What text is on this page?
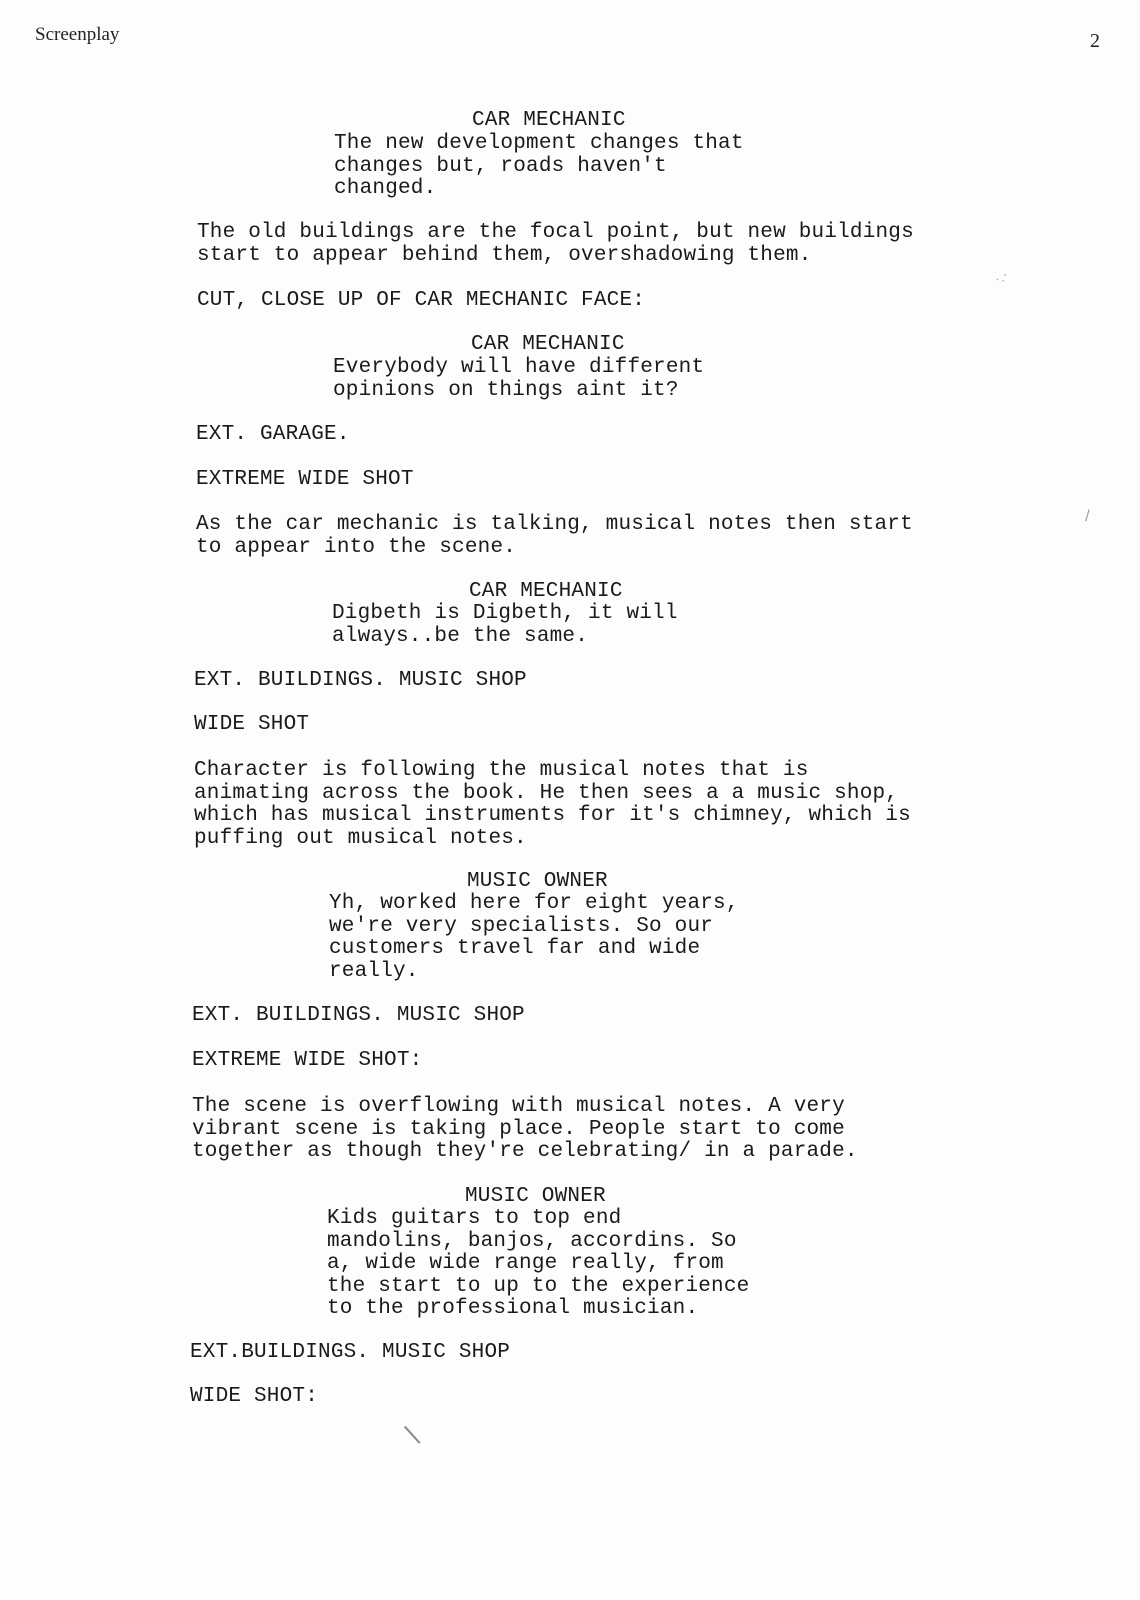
Screenplay	2
CAR MECHANIC
The new development changes that
changes but, roads haven't
changed.
The old buildings are the focal point, but new buildings
start to appear behind them, overshadowing them.
CUT, CLOSE UP OF CAR MECHANIC FACE:
CAR MECHANIC
Everybody will have different
opinions on things aint it?
EXT. GARAGE.
EXTREME WIDE SHOT
As the car mechanic is talking, musical notes then start
to appear into the scene.
CAR MECHANIC
Digbeth is Digbeth, it will
always..be the same.
EXT. BUILDINGS. MUSIC SHOP
WIDE SHOT
Character is following the musical notes that is
animating across the book. He then sees a a music shop,
which has musical instruments for it's chimney, which is
puffing out musical notes.
MUSIC OWNER
Yh, worked here for eight years,
we're very specialists. So our
customers travel far and wide
really.
EXT. BUILDINGS. MUSIC SHOP
EXTREME WIDE SHOT:
The scene is overflowing with musical notes. A very
vibrant scene is taking place. People start to come
together as though they're celebrating/ in a parade.
MUSIC OWNER
Kids guitars to top end
mandolins, banjos, accordins. So
a, wide wide range really, from
the start to up to the experience
to the professional musician.
EXT.BUILDINGS. MUSIC SHOP
WIDE SHOT:
·.·
/
\
